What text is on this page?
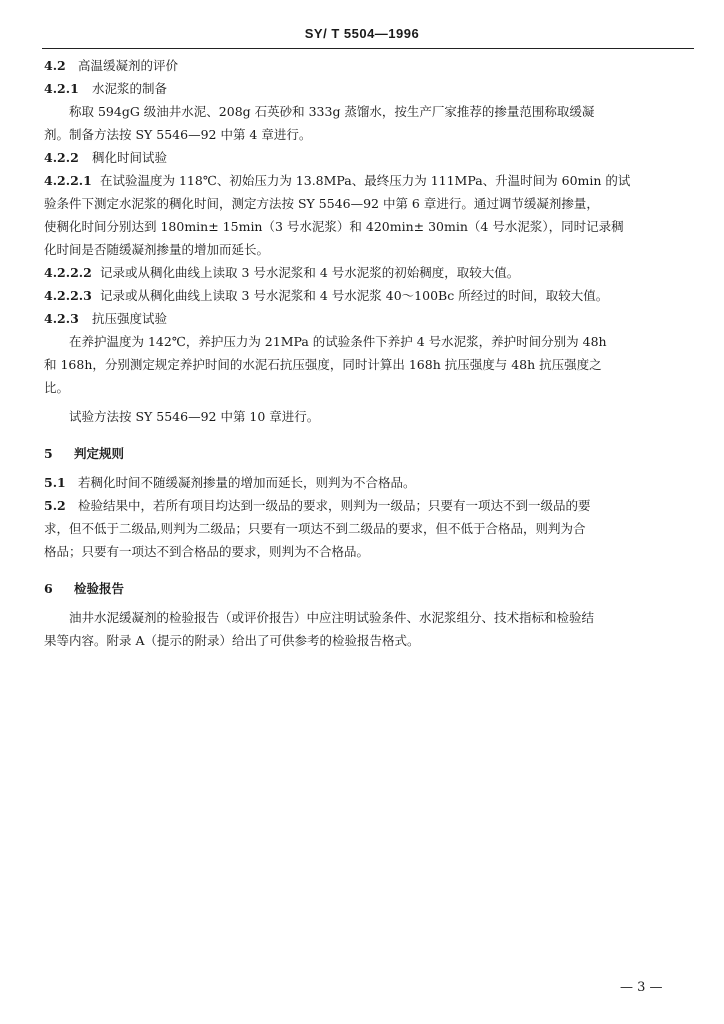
SY/ T 5504—1996

4.2 高温缓凝剂的评价

4.2.1 水泥浆的制备

称取 594gG 级油井水泥、208g 石英砂和 333g 蒸馏水，按生产厂家推荐的掺量范围称取缓凝

剂。制备方法按 SY 5546—92 中第 4 章进行。

4.2.2 稠化时间试验

4.2.2.1 在试验温度为 118℃、初始压力为 13.8MPa、最终压力为 111MPa、升温时间为 60min 的试

验条件下测定水泥浆的稠化时间，测定方法按 SY 5546—92 中第 6 章进行。通过调节缓凝剂掺量，

使稠化时间分别达到 180min± 15min（3 号水泥浆）和 420min± 30min（4 号水泥浆），同时记录稠

化时间是否随缓凝剂掺量的增加而延长。

4.2.2.2 记录或从稠化曲线上读取 3 号水泥浆和 4 号水泥浆的初始稠度，取较大值。

4.2.2.3 记录或从稠化曲线上读取 3 号水泥浆和 4 号水泥浆 40～100Bc 所经过的时间，取较大值。

4.2.3 抗压强度试验

在养护温度为 142℃，养护压力为 21MPa 的试验条件下养护 4 号水泥浆，养护时间分别为 48h

和 168h，分别测定规定养护时间的水泥石抗压强度，同时计算出 168h 抗压强度与 48h 抗压强度之

比。

试验方法按 SY 5546—92 中第 10 章进行。

5 判定规则

5.1 若稠化时间不随缓凝剂掺量的增加而延长，则判为不合格品。

5.2 检验结果中，若所有项目均达到一级品的要求，则判为一级品；只要有一项达不到一级品的要

求，但不低于二级品,则判为二级品；只要有一项达不到二级品的要求，但不低于合格品，则判为合

格品；只要有一项达不到合格品的要求，则判为不合格品。

6 检验报告

油井水泥缓凝剂的检验报告（或评价报告）中应注明试验条件、水泥浆组分、技术指标和检验结

果等内容。附录 A（提示的附录）给出了可供参考的检验报告格式。

— 3 —
